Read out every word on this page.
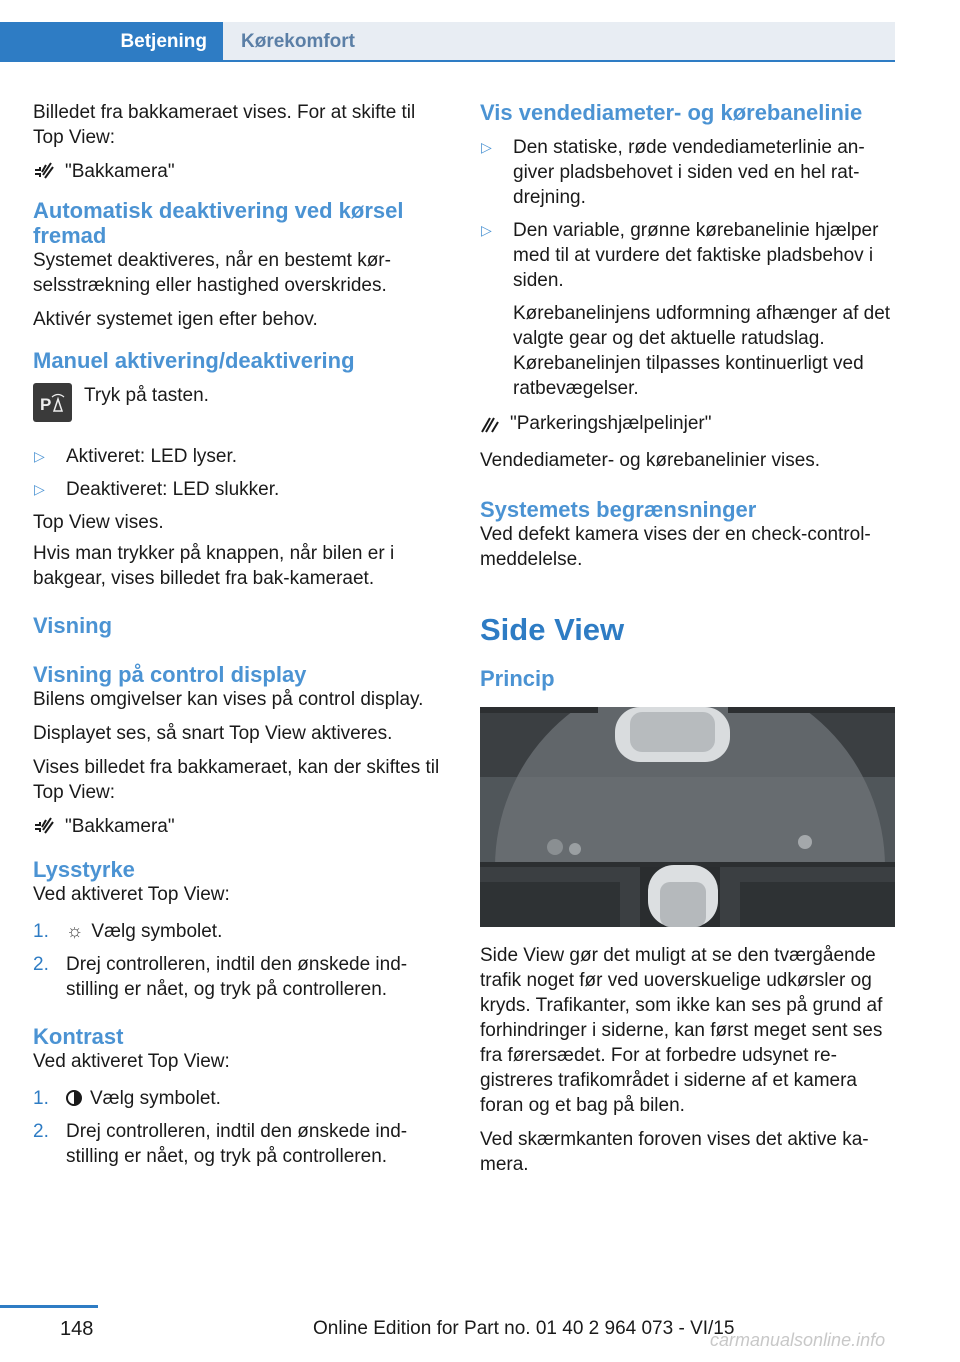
Betjening	Kørekomfort

Billedet fra bakkameraet vises. For at skifte til Top View:

"Bakkamera"
Automatisk deaktivering ved kørsel fremad

Systemet deaktiveres, når en bestemt kør-selsstrækning eller hastighed overskrides.

Aktivér systemet igen efter behov.

Manuel aktivering/deaktivering
P Tryk på tasten.

▷ Aktiveret: LED lyser.
▷ Deaktiveret: LED slukker.

Top View vises.

Hvis man trykker på knappen, når bilen er i bakgear, vises billedet fra bak-kameraet.

Visning
Visning på control display

Bilens omgivelser kan vises på control display.

Displayet ses, så snart Top View aktiveres.

Vises billedet fra bakkameraet, kan der skiftes til Top View:

"Bakkamera"
Lysstyrke

Ved aktiveret Top View:

1. ☼ Vælg symbolet.
2. Drej controlleren, indtil den ønskede ind-stilling er nået, og tryk på controlleren.
Kontrast

Ved aktiveret Top View:

1. Vælg symbolet.
2. Drej controlleren, indtil den ønskede ind-stilling er nået, og tryk på controlleren.
Vis vendediameter- og kørebanelinie
▷ Den statiske, røde vendediameterlinie an-giver pladsbehovet i siden ved en hel rat-drejning.
▷ Den variable, grønne kørebanelinie hjælper med til at vurdere det faktiske pladsbehov i siden.

Kørebanelinjens udformning afhænger af det valgte gear og det aktuelle ratudslag. Kørebanelinjen tilpasses kontinuerligt ved ratbevægelser.

"Parkeringshjælpelinjer"

Vendediameter- og kørebanelinier vises.

Systemets begrænsninger

Ved defekt kamera vises der en check-control-meddelelse.

Side View
Princip

Side View gør det muligt at se den tværgående trafik noget før ved uoverskuelige udkørsler og kryds. Trafikanter, som ikke kan ses på grund af forhindringer i siderne, kan først meget sent ses fra førersædet. For at forbedre udsynet re-gistreres trafikområdet i siderne af et kamera foran og et bag på bilen.

Ved skærmkanten foroven vises det aktive ka-mera.

148	Online Edition for Part no. 01 40 2 964 073 - VI/15
carmanualsonline.info
